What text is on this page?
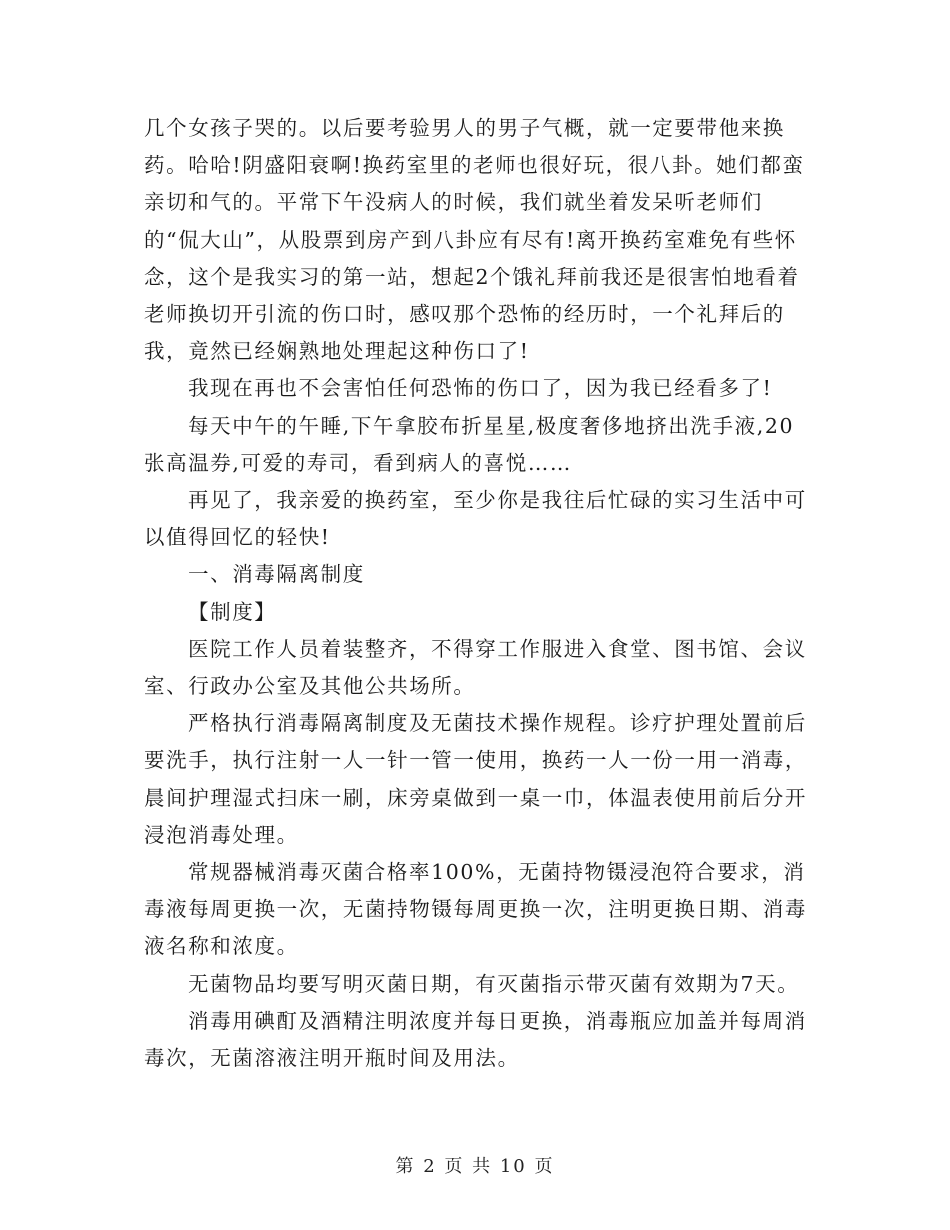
几个女孩子哭的。以后要考验男人的男子气概，就一定要带他来换药。哈哈!阴盛阳衰啊!换药室里的老师也很好玩，很八卦。她们都蛮亲切和气的。平常下午没病人的时候，我们就坐着发呆听老师们的“侃大山”，从股票到房产到八卦应有尽有!离开换药室难免有些怀念，这个是我实习的第一站，想起2个饿礼拜前我还是很害怕地看着老师换切开引流的伤口时，感叹那个恐怖的经历时，一个礼拜后的我，竟然已经娴熟地处理起这种伤口了!

我现在再也不会害怕任何恐怖的伤口了，因为我已经看多了!

每天中午的午睡,下午拿胶布折星星,极度奢侈地挤出洗手液,20张高温券,可爱的寿司，看到病人的喜悦……

再见了，我亲爱的换药室，至少你是我往后忙碌的实习生活中可以值得回忆的轻快!

一、消毒隔离制度

【制度】

医院工作人员着装整齐，不得穿工作服进入食堂、图书馆、会议室、行政办公室及其他公共场所。

严格执行消毒隔离制度及无菌技术操作规程。诊疗护理处置前后要洗手，执行注射一人一针一管一使用，换药一人一份一用一消毒，晨间护理湿式扫床一刷，床旁桌做到一桌一巾，体温表使用前后分开浸泡消毒处理。

常规器械消毒灭菌合格率100%，无菌持物镊浸泡符合要求，消毒液每周更换一次，无菌持物镊每周更换一次，注明更换日期、消毒液名称和浓度。

无菌物品均要写明灭菌日期，有灭菌指示带灭菌有效期为7天。

消毒用碘酊及酒精注明浓度并每日更换，消毒瓶应加盖并每周消毒次，无菌溶液注明开瓶时间及用法。

第 2 页 共 10 页
